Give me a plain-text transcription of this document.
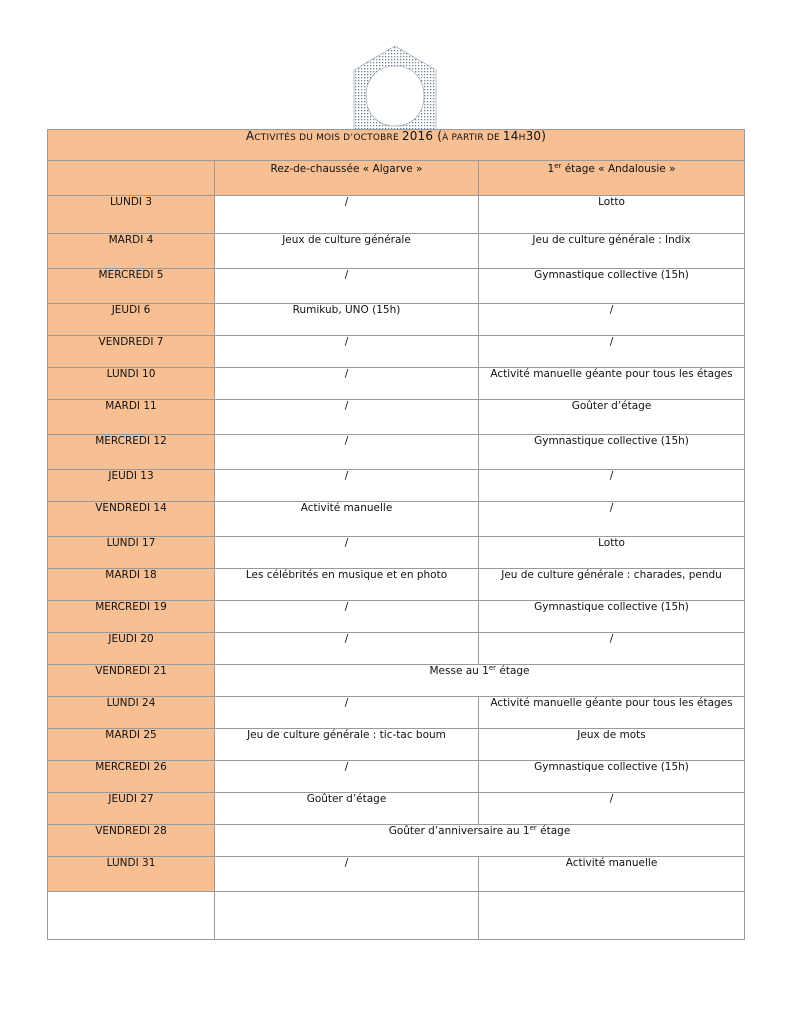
ACTIVITÉS DU MOIS D’OCTOBRE 2016 (À PARTIR DE 14H30)		
	Rez-de-chaussée « Algarve »	1er étage « Andalousie »
LUNDI 3	/	Lotto
MARDI 4	Jeux de culture générale	Jeu de culture générale : Indix
MERCREDI 5	/	Gymnastique collective (15h)
JEUDI 6	Rumikub, UNO (15h)	/
VENDREDI 7	/	/
LUNDI 10	/	Activité manuelle géante pour tous les étages
MARDI 11	/	Goûter d’étage
MERCREDI 12	/	Gymnastique collective (15h)
JEUDI 13	/	/
VENDREDI 14	Activité manuelle	/
LUNDI 17	/	Lotto
MARDI 18	Les célébrités en musique et en photo	Jeu de culture générale : charades, pendu
MERCREDI 19	/	Gymnastique collective (15h)
JEUDI 20	/	/
VENDREDI 21	Messe au 1er étage	
LUNDI 24	/	Activité manuelle géante pour tous les étages
MARDI 25	Jeu de culture générale : tic-tac boum	Jeux de mots
MERCREDI 26	/	Gymnastique collective (15h)
JEUDI 27	Goûter d’étage	/
VENDREDI 28	Goûter d’anniversaire au 1er étage	
LUNDI 31	/	Activité manuelle
